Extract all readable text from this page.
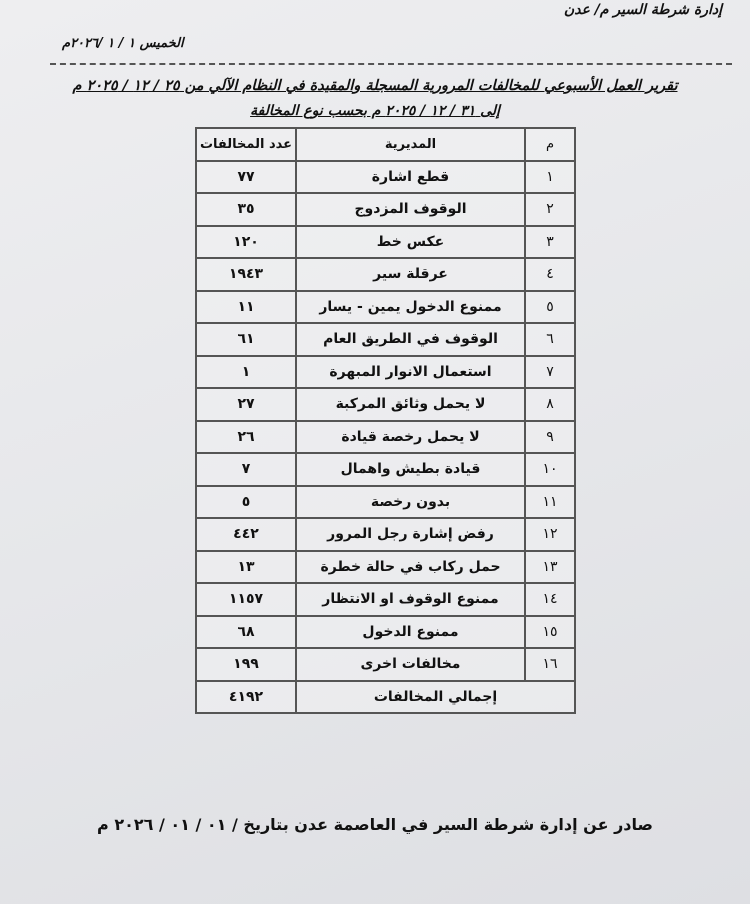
إدارة شرطة السير م/ عدن
الخميس ١ / ١ /٢٠٢٦م
تقرير العمل الأسبوعي للمخالفات المرورية المسجلة والمقيدة في النظام الآلي من ٢٥ / ١٢ / ٢٠٢٥ م
إلى ٣١ / ١٢ / ٢٠٢٥ م بحسب نوع المخالفة
م	المديرية	عدد المخالفات
١	قطع اشارة	٧٧
٢	الوقوف المزدوج	٣٥
٣	عكس خط	١٢٠
٤	عرقلة سير	١٩٤٣
٥	ممنوع الدخول يمين - يسار	١١
٦	الوقوف في الطريق العام	٦١
٧	استعمال الانوار المبهرة	١
٨	لا يحمل وثائق المركبة	٢٧
٩	لا يحمل رخصة قيادة	٢٦
١٠	قيادة بطيش واهمال	٧
١١	بدون رخصة	٥
١٢	رفض إشارة رجل المرور	٤٤٢
١٣	حمل ركاب في حالة خطرة	١٣
١٤	ممنوع الوقوف او الانتظار	١١٥٧
١٥	ممنوع الدخول	٦٨
١٦	مخالفات اخرى	١٩٩
إجمالي المخالفات		٤١٩٢
صادر عن إدارة شرطة السير في العاصمة عدن بتاريخ / ٠١ / ٠١ / ٢٠٢٦ م
